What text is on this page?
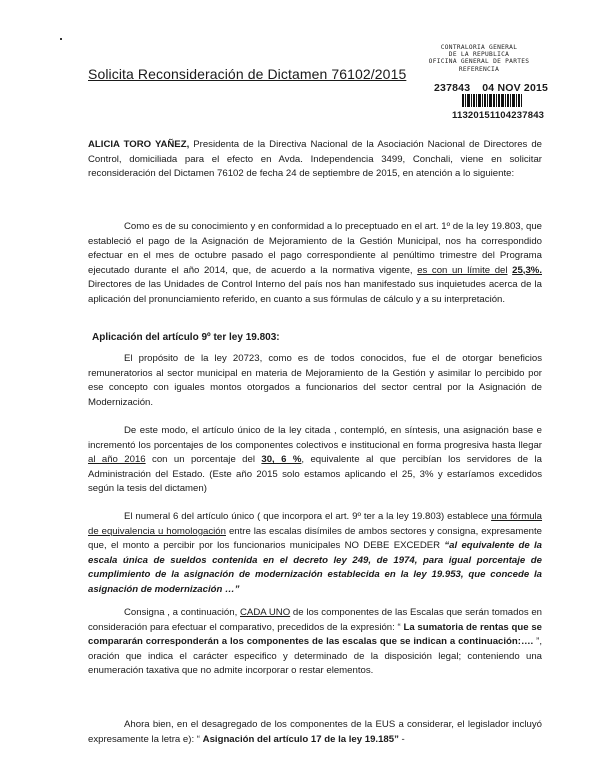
Solicita Reconsideración de Dictamen 76102/2015
CONTRALORIA GENERAL
DE LA REPUBLICA
OFICINA GENERAL DE PARTES
REFERENCIA
237843 04 NOV 2015
11320151104237843
ALICIA TORO YAÑEZ, Presidenta de la Directiva Nacional de la Asociación Nacional de Directores de Control, domiciliada para el efecto en Avda. Independencia 3499, Conchali, viene en solicitar reconsideración del Dictamen 76102 de fecha 24 de septiembre de 2015, en atención a lo siguiente:
Como es de su conocimiento y en conformidad a lo preceptuado en el art. 1º de la ley 19.803, que estableció el pago de la Asignación de Mejoramiento de la Gestión Municipal, nos ha correspondido efectuar en el mes de octubre pasado el pago correspondiente al penúltimo trimestre del Programa ejecutado durante el año 2014, que, de acuerdo a la normativa vigente, es con un límite del 25,3%. Directores de las Unidades de Control Interno del país nos han manifestado sus inquietudes acerca de la aplicación del pronunciamiento referido, en cuanto a sus fórmulas de cálculo y a su interpretación.
Aplicación del artículo 9º ter ley 19.803:
El propósito de la ley 20723, como es de todos conocidos, fue el de otorgar beneficios remuneratorios al sector municipal en materia de Mejoramiento de la Gestión y asimilar lo percibido por ese concepto con iguales montos otorgados a funcionarios del sector central por la Asignación de Modernización.
De este modo, el artículo único de la ley citada , contempló, en síntesis, una asignación base e incrementó los porcentajes de los componentes colectivos e institucional en forma progresiva hasta llegar al año 2016 con un porcentaje del 30, 6 %, equivalente al que percibían los servidores de la Administración del Estado. (Este año 2015 solo estamos aplicando el 25, 3% y estaríamos excedidos según la tesis del dictamen)
El numeral 6 del artículo único ( que incorpora el art. 9º ter a la ley 19.803) establece una fórmula de equivalencia u homologación entre las escalas disímiles de ambos sectores y consigna, expresamente que, el monto a percibir por los funcionarios municipales NO DEBE EXCEDER “al equivalente de la escala única de sueldos contenida en el decreto ley 249, de 1974, para igual porcentaje de cumplimiento de la asignación de modernización establecida en la ley 19.953, que concede la asignación de modernización …”
Consigna , a continuación, CADA UNO de los componentes de las Escalas que serán tomados en consideración para efectuar el comparativo, precedidos de la expresión: “ La sumatoria de rentas que se compararán corresponderán a los componentes de las escalas que se indican a continuación:…. ”, oración que indica el carácter especifico y determinado de la disposición legal; conteniendo una enumeración taxativa que no admite incorporar o restar elementos.
Ahora bien, en el desagregado de los componentes de la EUS a considerar, el legislador incluyó expresamente la letra e): “ Asignación del artículo 17 de la ley 19.185” -
